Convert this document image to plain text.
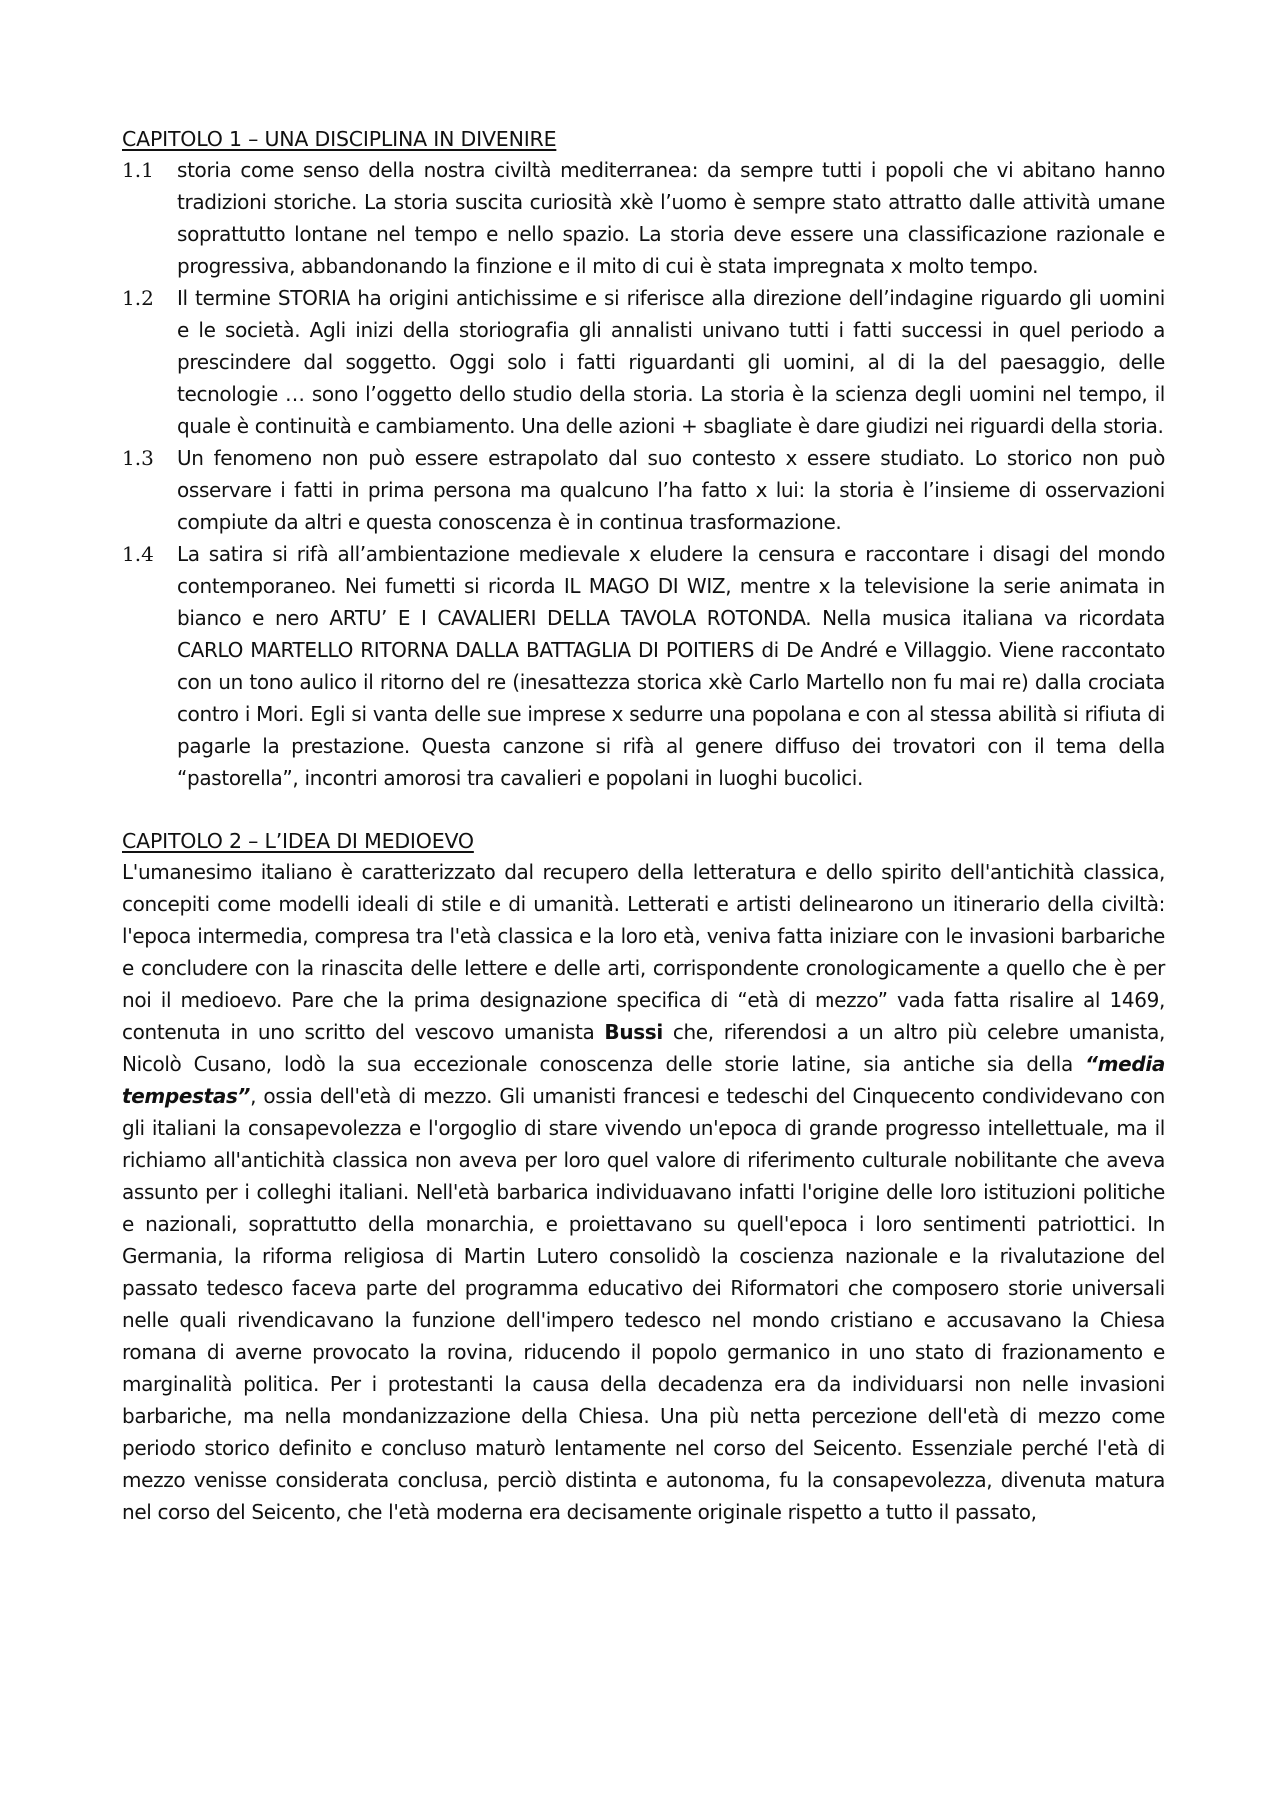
CAPITOLO 1 – UNA DISCIPLINA IN DIVENIRE
1.1	storia come senso della nostra civiltà mediterranea: da sempre tutti i popoli che vi abitano hanno tradizioni storiche. La storia suscita curiosità xkè l’uomo è sempre stato attratto dalle attività umane soprattutto lontane nel tempo e nello spazio. La storia deve essere una classificazione razionale e progressiva, abbandonando la finzione e il mito di cui è stata impregnata x molto tempo.

1.2	Il termine STORIA ha origini antichissime e si riferisce alla direzione dell’indagine riguardo gli uomini e le società. Agli inizi della storiografia gli annalisti univano tutti i fatti successi in quel periodo a prescindere dal soggetto. Oggi solo i fatti riguardanti gli uomini, al di la del paesaggio, delle tecnologie … sono l’oggetto dello studio della storia. La storia è la scienza degli uomini nel tempo, il quale è continuità e cambiamento. Una delle azioni + sbagliate è dare giudizi nei riguardi della storia.

1.3	Un fenomeno non può essere estrapolato dal suo contesto x essere studiato. Lo storico non può osservare i fatti in prima persona ma qualcuno l’ha fatto x lui: la storia è l’insieme di osservazioni compiute da altri e questa conoscenza è in continua trasformazione.

1.4	La satira si rifà all’ambientazione medievale x eludere la censura e raccontare i disagi del mondo contemporaneo. Nei fumetti si ricorda IL MAGO DI WIZ, mentre x la televisione la serie animata in bianco e nero ARTU’ E I CAVALIERI DELLA TAVOLA ROTONDA. Nella musica italiana va ricordata CARLO MARTELLO RITORNA DALLA BATTAGLIA DI POITIERS di De André e Villaggio. Viene raccontato con un tono aulico il ritorno del re (inesattezza storica xkè Carlo Martello non fu mai re) dalla crociata contro i Mori. Egli si vanta delle sue imprese x sedurre una popolana e con al stessa abilità si rifiuta di pagarle la prestazione. Questa canzone si rifà al genere diffuso dei trovatori con il tema della “pastorella”, incontri amorosi tra cavalieri e popolani in luoghi bucolici.

CAPITOLO 2 – L’IDEA DI MEDIOEVO

L'umanesimo italiano è caratterizzato dal recupero della letteratura e dello spirito dell'antichità classica, concepiti come modelli ideali di stile e di umanità. Letterati e artisti delinearono un itinerario della civiltà: l'epoca intermedia, compresa tra l'età classica e la loro età, veniva fatta iniziare con le invasioni barbariche e concludere con la rinascita delle lettere e delle arti, corrispondente cronologicamente a quello che è per noi il medioevo. Pare che la prima designazione specifica di “età di mezzo” vada fatta risalire al 1469, contenuta in uno scritto del vescovo umanista Bussi che, riferendosi a un altro più celebre umanista, Nicolò Cusano, lodò la sua eccezionale conoscenza delle storie latine, sia antiche sia della “media tempestas”, ossia dell'età di mezzo. Gli umanisti francesi e tedeschi del Cinquecento condividevano con gli italiani la consapevolezza e l'orgoglio di stare vivendo un'epoca di grande progresso intellettuale, ma il richiamo all'antichità classica non aveva per loro quel valore di riferimento culturale nobilitante che aveva assunto per i colleghi italiani. Nell'età barbarica individuavano infatti l'origine delle loro istituzioni politiche e nazionali, soprattutto della monarchia, e proiettavano su quell'epoca i loro sentimenti patriottici. In Germania, la riforma religiosa di Martin Lutero consolidò la coscienza nazionale e la rivalutazione del passato tedesco faceva parte del programma educativo dei Riformatori che composero storie universali nelle quali rivendicavano la funzione dell'impero tedesco nel mondo cristiano e accusavano la Chiesa romana di averne provocato la rovina, riducendo il popolo germanico in uno stato di frazionamento e marginalità politica. Per i protestanti la causa della decadenza era da individuarsi non nelle invasioni barbariche, ma nella mondanizzazione della Chiesa. Una più netta percezione dell'età di mezzo come periodo storico definito e concluso maturò lentamente nel corso del Seicento. Essenziale perché l'età di mezzo venisse considerata conclusa, perciò distinta e autonoma, fu la consapevolezza, divenuta matura nel corso del Seicento, che l'età moderna era decisamente originale rispetto a tutto il passato,
